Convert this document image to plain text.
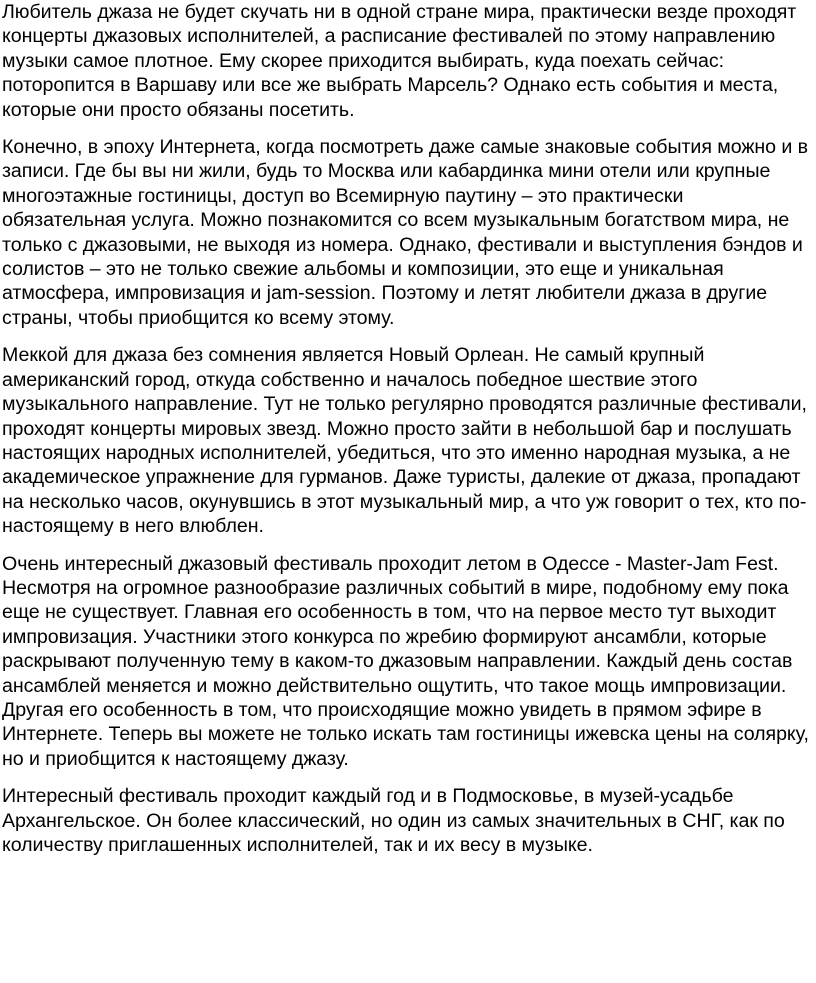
Любитель джаза не будет скучать ни в одной стране мира, практически везде проходят концерты джазовых исполнителей, а расписание фестивалей по этому направлению музыки самое плотное. Ему скорее приходится выбирать, куда поехать сейчас: поторопится в Варшаву или все же выбрать Марсель? Однако есть события и места, которые они просто обязаны посетить.

Конечно, в эпоху Интернета, когда посмотреть даже самые знаковые события можно и в записи. Где бы вы ни жили, будь то Москва или кабардинка мини отели или крупные многоэтажные гостиницы, доступ во Всемирную паутину – это практически обязательная услуга. Можно познакомится со всем музыкальным богатством мира, не только с джазовыми, не выходя из номера. Однако, фестивали и выступления бэндов и солистов – это не только свежие альбомы и композиции, это еще и уникальная атмосфера, импровизация и jam-session. Поэтому и летят любители джаза в другие страны, чтобы приобщится ко всему этому.

Меккой для джаза без сомнения является Новый Орлеан. Не самый крупный американский город, откуда собственно и началось победное шествие этого музыкального направление. Тут не только регулярно проводятся различные фестивали, проходят концерты мировых звезд. Можно просто зайти в небольшой бар и послушать настоящих народных исполнителей, убедиться, что это именно народная музыка, а не академическое упражнение для гурманов. Даже туристы, далекие от джаза, пропадают на несколько часов, окунувшись в этот музыкальный мир, а что уж говорит о тех, кто по-настоящему в него влюблен.

Очень интересный джазовый фестиваль проходит летом в Одессе - Master-Jam Fest. Несмотря на огромное разнообразие различных событий в мире, подобному ему пока еще не существует. Главная его особенность в том, что на первое место тут выходит импровизация. Участники этого конкурса по жребию формируют ансамбли, которые раскрывают полученную тему в каком-то джазовым направлении. Каждый день состав ансамблей меняется и можно действительно ощутить, что такое мощь импровизации. Другая его особенность в том, что происходящие можно увидеть в прямом эфире в Интернете. Теперь вы можете не только искать там гостиницы ижевска цены на солярку, но и приобщится к настоящему джазу.

Интересный фестиваль проходит каждый год и в Подмосковье, в музей-усадьбе Архангельское. Он более классический, но один из самых значительных в СНГ, как по количеству приглашенных исполнителей, так и их весу в музыке.
